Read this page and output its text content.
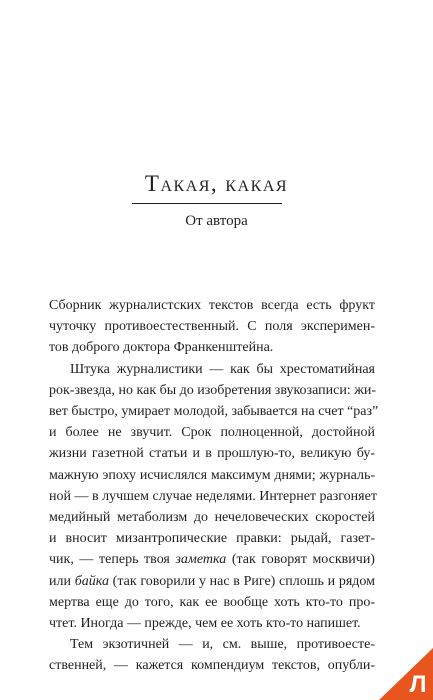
Такая, какая
От автора

Сборник журналистских текстов всегда есть фрукт
чуточку противоестественный. С поля эксперимен-
тов доброго доктора Франкенштейна.

Штука журналистики — как бы хрестоматийная
рок-звезда, но как бы до изобретения звукозаписи: жи-
вет быстро, умирает молодой, забывается на счет “раз”
и более не звучит. Срок полноценной, достойной
жизни газетной статьи и в прошлую-то, великую бу-
мажную эпоху исчислялся максимум днями; журналь-
ной — в лучшем случае неделями. Интернет разгоняет
медийный метаболизм до нечеловеческих скоростей
и вносит мизантропические правки: рыдай, газет-
чик, — теперь твоя заметка (так говорят москвичи)
или байка (так говорили у нас в Риге) сплошь и рядом
мертва еще до того, как ее вообще хоть кто-то про-
чтет. Иногда — прежде, чем ее хоть кто-то напишет.

Тем экзотичней — и, см. выше, противоесте-
ственней, — кажется компендиум текстов, опубли-

Л
